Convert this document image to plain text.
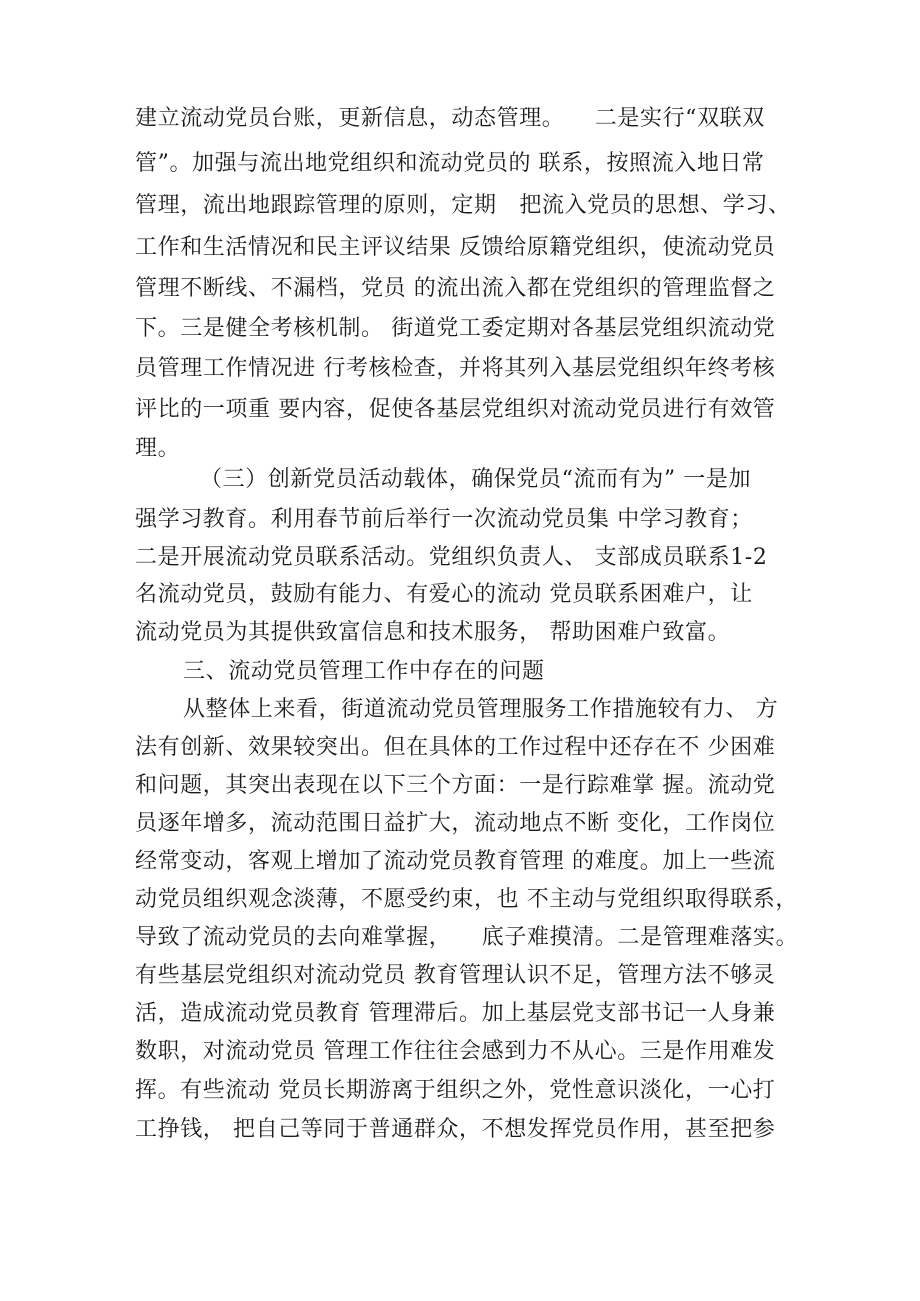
建立流动党员台账，更新信息，动态管理。    二是实行“双联双
管”。加强与流出地党组织和流动党员的 联系，按照流入地日常
管理，流出地跟踪管理的原则，定期   把流入党员的思想、学习、
工作和生活情况和民主评议结果 反馈给原籍党组织，使流动党员
管理不断线、不漏档，党员 的流出流入都在党组织的管理监督之
下。三是健全考核机制。 街道党工委定期对各基层党组织流动党
员管理工作情况进 行考核检查，并将其列入基层党组织年终考核
评比的一项重 要内容，促使各基层党组织对流动党员进行有效管
理。
（三）创新党员活动载体，确保党员“流而有为” 一是加
强学习教育。利用春节前后举行一次流动党员集 中学习教育；
二是开展流动党员联系活动。党组织负责人、 支部成员联系1-2
名流动党员，鼓励有能力、有爱心的流动 党员联系困难户，让
流动党员为其提供致富信息和技术服务， 帮助困难户致富。
三、流动党员管理工作中存在的问题
从整体上来看，街道流动党员管理服务工作措施较有力、 方
法有创新、效果较突出。但在具体的工作过程中还存在不 少困难
和问题，其突出表现在以下三个方面：一是行踪难掌 握。流动党
员逐年增多，流动范围日益扩大，流动地点不断 变化，工作岗位
经常变动，客观上增加了流动党员教育管理 的难度。加上一些流
动党员组织观念淡薄，不愿受约束，也 不主动与党组织取得联系，
导致了流动党员的去向难掌握，    底子难摸清。二是管理难落实。
有些基层党组织对流动党员 教育管理认识不足，管理方法不够灵
活，造成流动党员教育 管理滞后。加上基层党支部书记一人身兼
数职，对流动党员 管理工作往往会感到力不从心。三是作用难发
挥。有些流动 党员长期游离于组织之外，党性意识淡化，一心打
工挣钱， 把自己等同于普通群众，不想发挥党员作用，甚至把参
